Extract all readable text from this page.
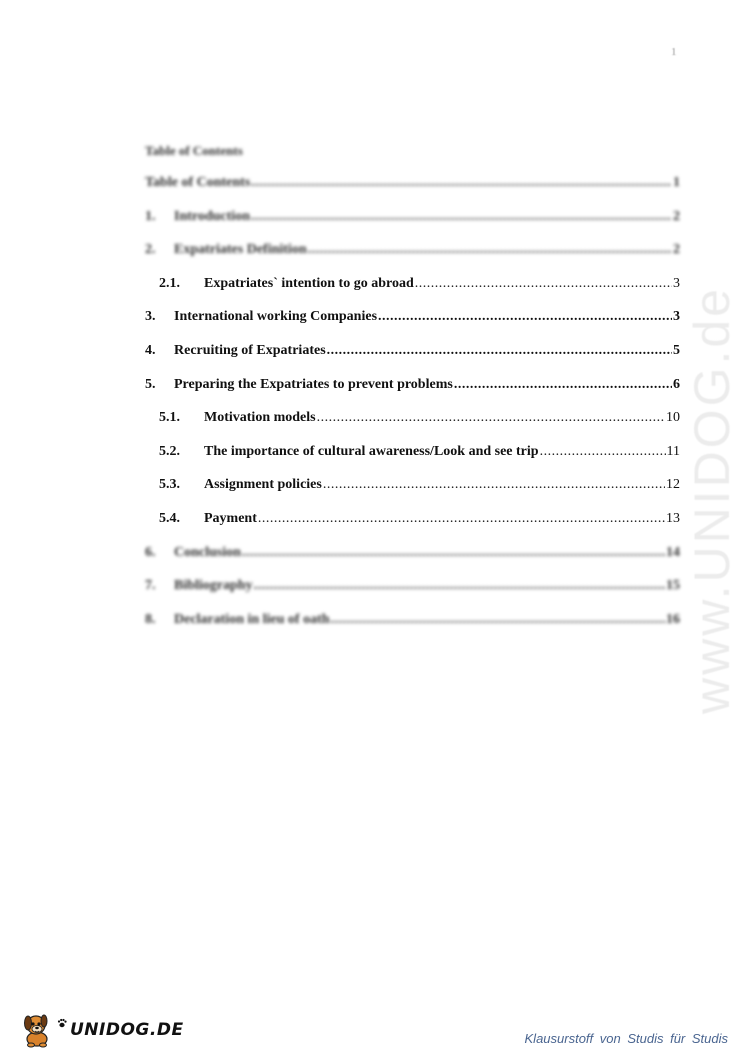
1
www.UNIDOG.de
Table of Contents
Table of Contents .....	1
1.	Introduction .....	2
2.	Expatriates Definition .....	2
2.1.	Expatriates` intention to go abroad .....	3
3.	International working Companies .....	3
4.	Recruiting of Expatriates .....	5
5.	Preparing the Expatriates to prevent problems .....	6
5.1.	Motivation models .....	10
5.2.	The importance of cultural awareness/Look and see trip .....	11
5.3.	Assignment policies .....	12
5.4.	Payment .....	13
6.	Conclusion .....	14
7.	Bibliography .....	15
8.	Declaration in lieu of oath .....	16
UNIDOG.DE	Klausurstoff von Studis für Studis
